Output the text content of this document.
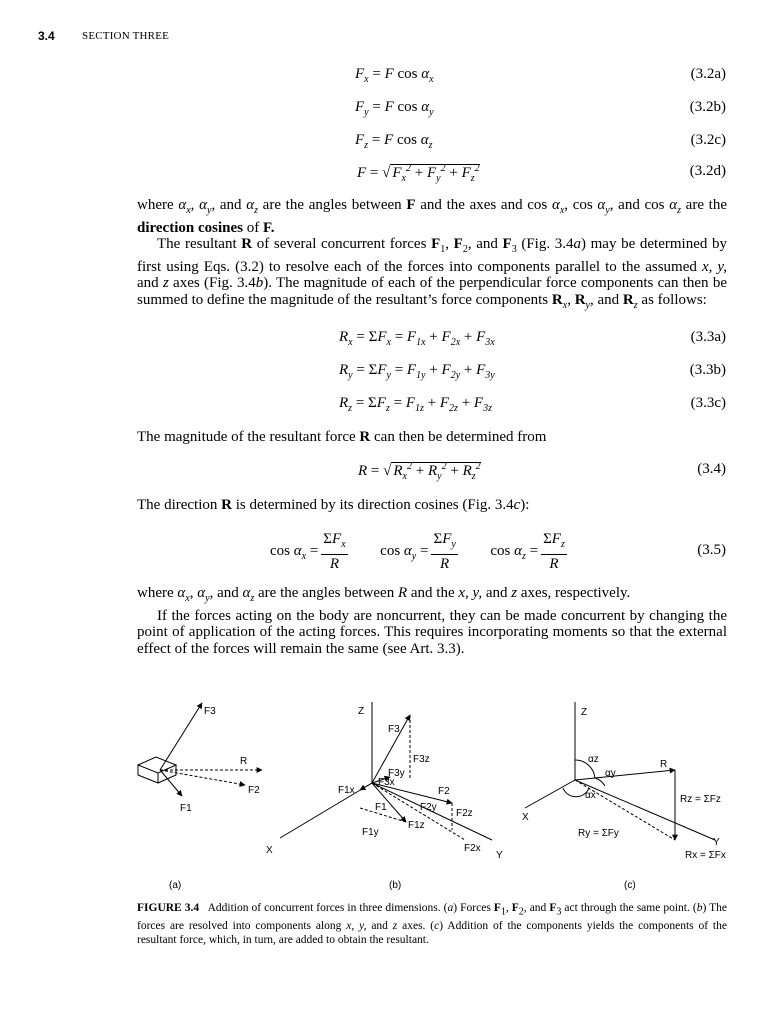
3.4 SECTION THREE
$F_x = F$ $\cos \alpha_x$	(3.2a)
$F_y = F$ $\cos \alpha_y$	(3.2b)
$F_z = F$ $\cos \alpha_z$	(3.2c)
F = √ $F_x^2 + F_y^2 + F_z^2$	(3.2d)

where $\alpha_x$, $\alpha_y$, and $\alpha_z$ are the angles between F and the axes and $\cos \alpha_x$, $\cos \alpha_y$, and $\cos \alpha_z$ are the direction cosines of F.

The resultant R of several concurrent forces $F_1$, $F_2$, and $F_3$ (Fig. 3.4a) may be determined by first using Eqs. (3.2) to resolve each of the forces into components parallel to the assumed x, y, and z axes (Fig. 3.4b). The magnitude of each of the perpendicular force components can then be summed to define the magnitude of the resultant’s force components $R_x$, $R_y$, and $R_z$ as follows:

$R_x = \Sigma F_x = F_{1x} + F_{2x} + F_{3x}$	(3.3a)
$R_y = \Sigma F_y = F_{1y} + F_{2y} + F_{3y}$	(3.3b)
$R_z = \Sigma F_z = F_{1z} + F_{2z} + F_{3z}$	(3.3c)

The magnitude of the resultant force R can then be determined from

R = √ $R_x^2 + R_y^2 + R_z^2$	(3.4)

The direction R is determined by its direction cosines (Fig. 3.4c):

$\cos \alpha_x = \frac{\Sigma F_x}{R}$ $\cos \alpha_y = \frac{\Sigma F_y}{R}$ $\cos \alpha_z = \frac{\Sigma F_z}{R}$	(3.5)

where $\alpha_x$, $\alpha_y$, and $\alpha_z$ are the angles between R and the x, y, and z axes, respectively.

If the forces acting on the body are noncurrent, they can be made concurrent by changing the point of application of the acting forces. This requires incorporating moments so that the external effect of the forces will remain the same (see Art. 3.3).

F3
R
F2
F1
Z
F3
F3z
F3y
F1x
F3x
F2
F1	F2y
F2z
F1z
F1y
X	F2x
Y
Z
αz	R
αy
αx	Rz = ΣFz
X
Ry = ΣFy
Y
Rx = ΣFx
(a)	(b)	(c)
FIGURE 3.4   Addition of concurrent forces in three dimensions. (a) Forces $F_1$, $F_2$, and $F_3$ act through the same point. (b) The forces are resolved into components along x, y, and z axes. (c) Addition of the components yields the components of the resultant force, which, in turn, are added to obtain the resultant.
